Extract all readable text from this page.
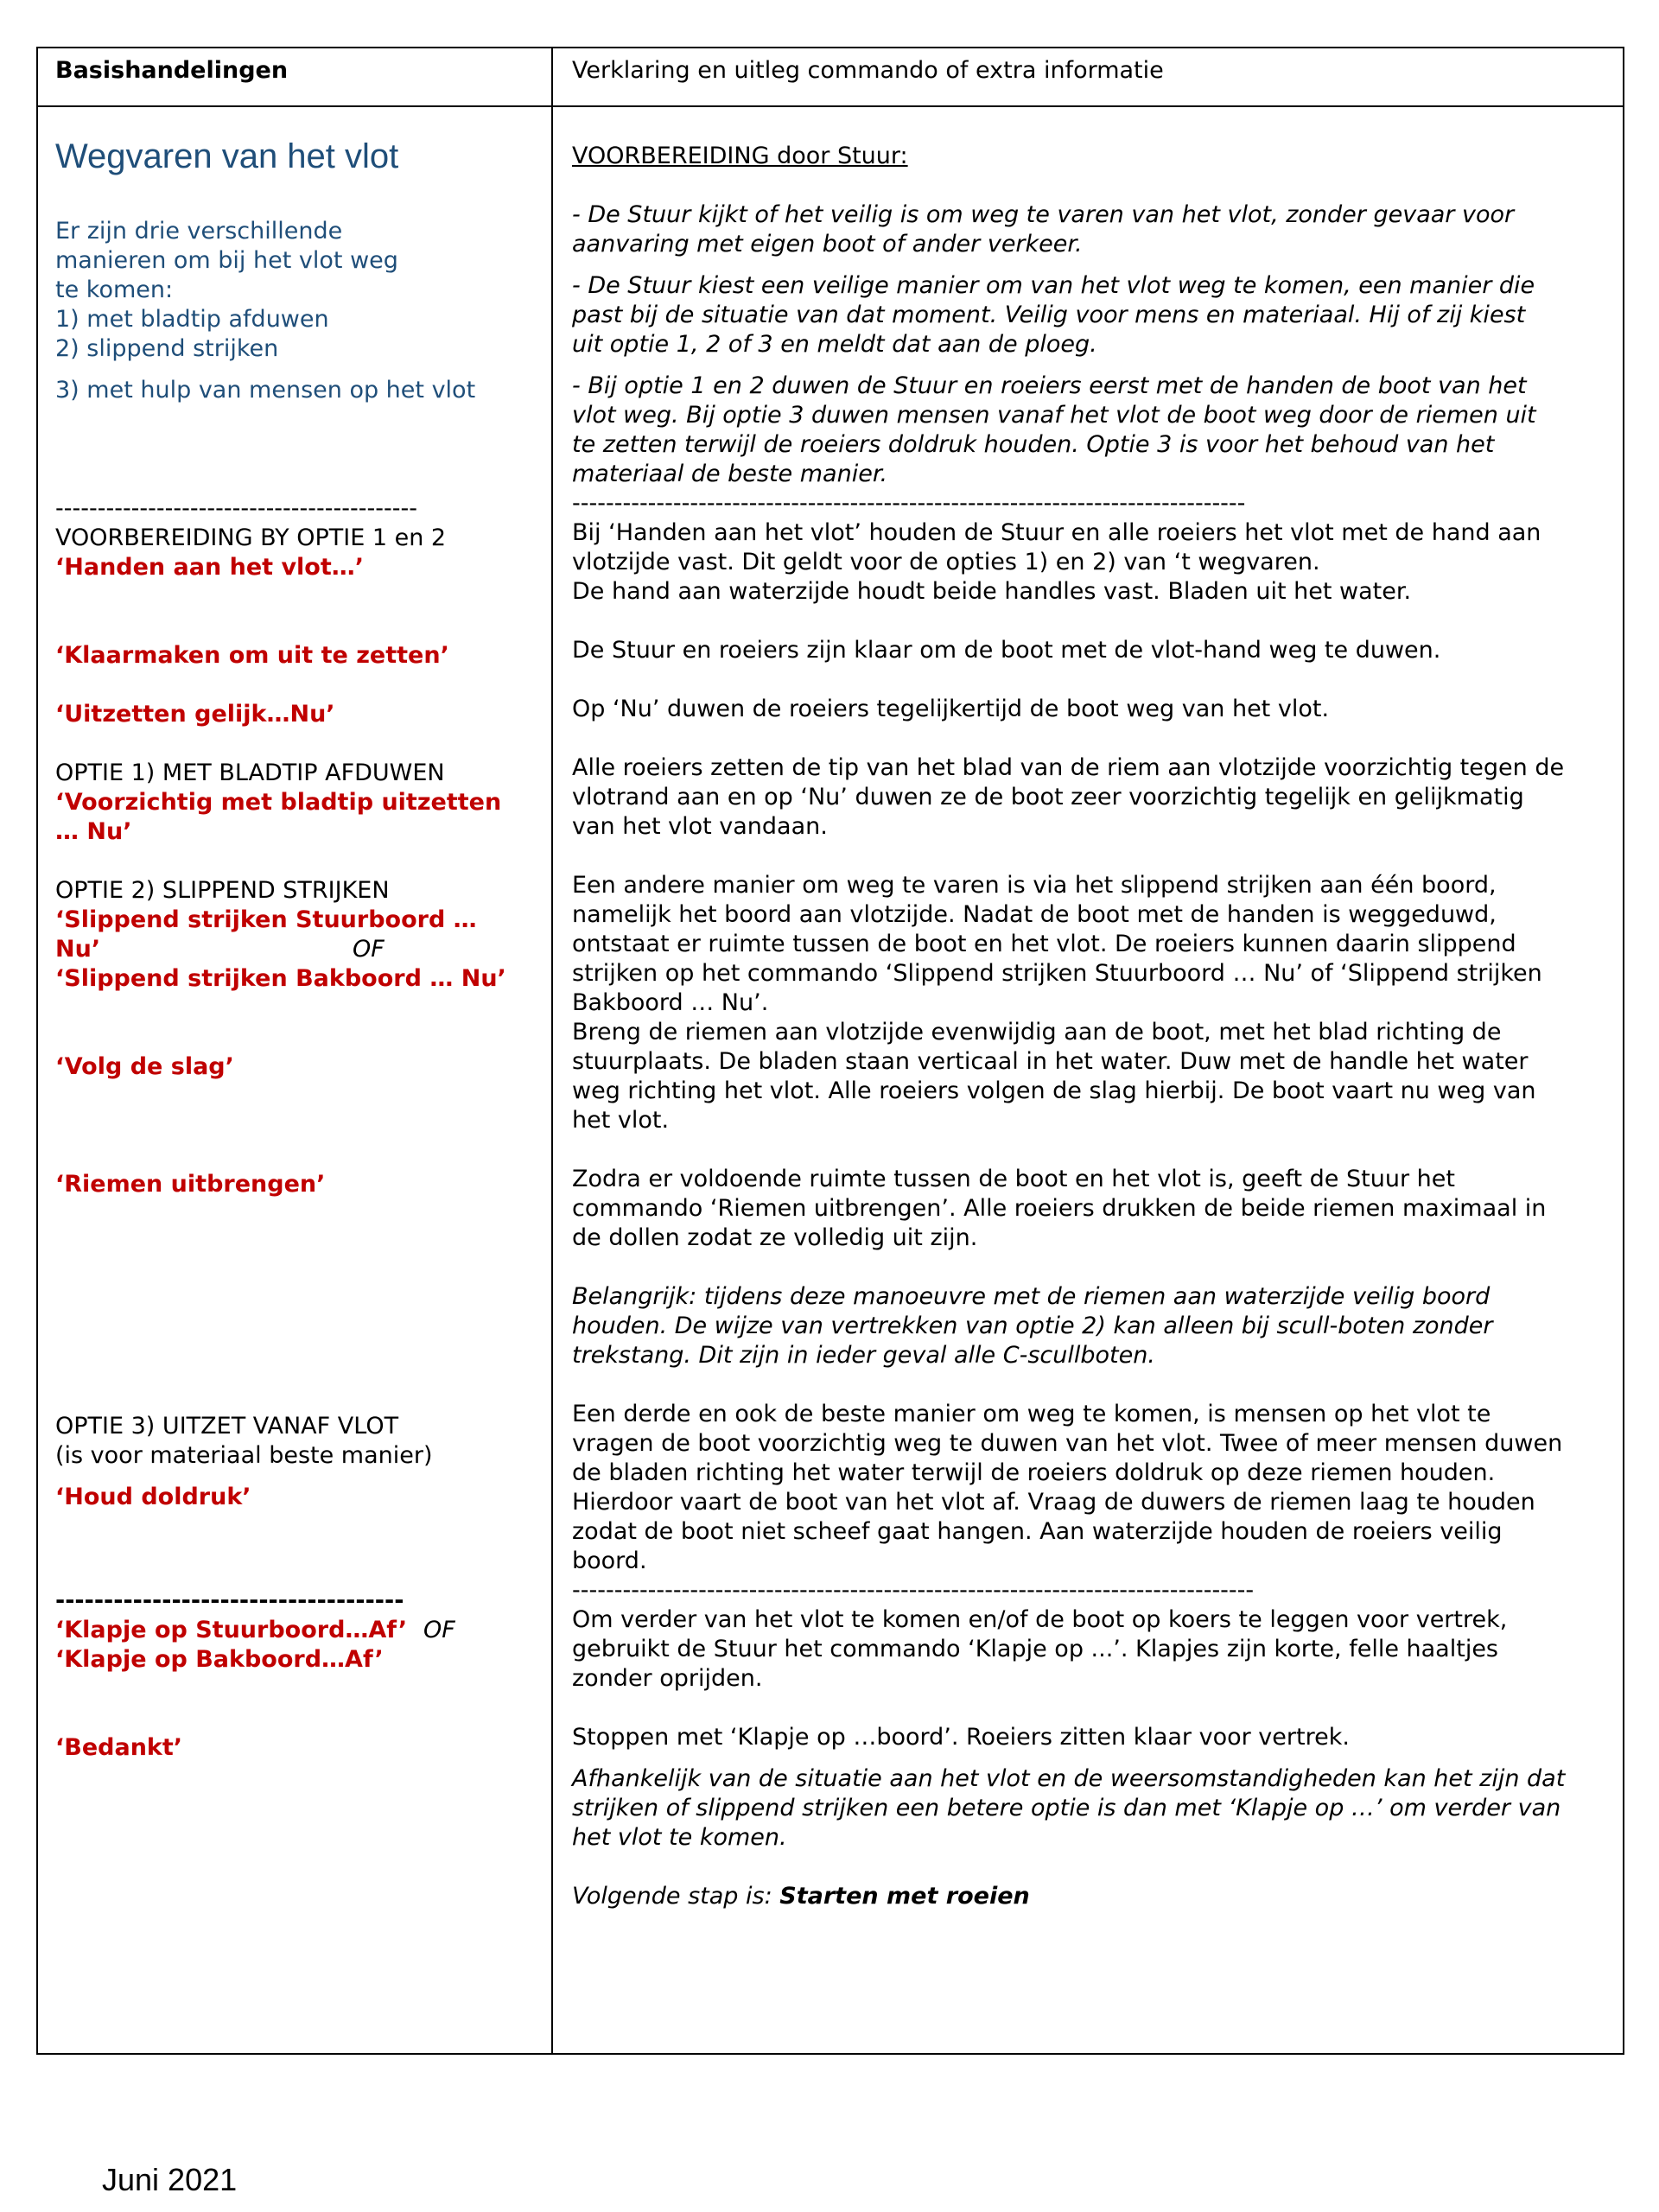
Basishandelingen	Verklaring en uitleg commando of extra informatie
Wegvaren van het vlot
Er zijn drie verschillende
manieren om bij het vlot weg
te komen:
1) met bladtip afduwen
2) slippend strijken
3) met hulp van mensen op het vlot
-------------------------------------------
VOORBEREIDING BY OPTIE 1 en 2
‘Handen aan het vlot…’
‘Klaarmaken om uit te zetten’
‘Uitzetten gelijk…Nu’
OPTIE 1) MET BLADTIP AFDUWEN
‘Voorzichtig met bladtip uitzetten
… Nu’
OPTIE 2) SLIPPEND STRIJKEN
‘Slippend strijken Stuurboord …
Nu’	OF
‘Slippend strijken Bakboord … Nu’
‘Volg de slag’
‘Riemen uitbrengen’
OPTIE 3) UITZET VANAF VLOT
(is voor materiaal beste manier)
‘Houd doldruk’
------------------------------------
‘Klapje op Stuurboord…Af’ OF
‘Klapje op Bakboord…Af’
‘Bedankt’
VOORBEREIDING door Stuur:
- De Stuur kijkt of het veilig is om weg te varen van het vlot, zonder gevaar voor
aanvaring met eigen boot of ander verkeer.
- De Stuur kiest een veilige manier om van het vlot weg te komen, een manier die
past bij de situatie van dat moment. Veilig voor mens en materiaal. Hij of zij kiest
uit optie 1, 2 of 3 en meldt dat aan de ploeg.
- Bij optie 1 en 2 duwen de Stuur en roeiers eerst met de handen de boot van het
vlot weg. Bij optie 3 duwen mensen vanaf het vlot de boot weg door de riemen uit
te zetten terwijl de roeiers doldruk houden. Optie 3 is voor het behoud van het
materiaal de beste manier.
--------------------------------------------------------------------------------
Bij ‘Handen aan het vlot’ houden de Stuur en alle roeiers het vlot met de hand aan
vlotzijde vast. Dit geldt voor de opties 1) en 2) van ‘t wegvaren.
De hand aan waterzijde houdt beide handles vast. Bladen uit het water.
De Stuur en roeiers zijn klaar om de boot met de vlot-hand weg te duwen.
Op ‘Nu’ duwen de roeiers tegelijkertijd de boot weg van het vlot.
Alle roeiers zetten de tip van het blad van de riem aan vlotzijde voorzichtig tegen de
vlotrand aan en op ‘Nu’ duwen ze de boot zeer voorzichtig tegelijk en gelijkmatig
van het vlot vandaan.
Een andere manier om weg te varen is via het slippend strijken aan één boord,
namelijk het boord aan vlotzijde. Nadat de boot met de handen is weggeduwd,
ontstaat er ruimte tussen de boot en het vlot. De roeiers kunnen daarin slippend
strijken op het commando ‘Slippend strijken Stuurboord … Nu’ of ‘Slippend strijken
Bakboord … Nu’.
Breng de riemen aan vlotzijde evenwijdig aan de boot, met het blad richting de
stuurplaats. De bladen staan verticaal in het water. Duw met de handle het water
weg richting het vlot. Alle roeiers volgen de slag hierbij. De boot vaart nu weg van
het vlot.
Zodra er voldoende ruimte tussen de boot en het vlot is, geeft de Stuur het
commando ‘Riemen uitbrengen’. Alle roeiers drukken de beide riemen maximaal in
de dollen zodat ze volledig uit zijn.
Belangrijk: tijdens deze manoeuvre met de riemen aan waterzijde veilig boord
houden. De wijze van vertrekken van optie 2) kan alleen bij scull-boten zonder
trekstang. Dit zijn in ieder geval alle C-scullboten.
Een derde en ook de beste manier om weg te komen, is mensen op het vlot te
vragen de boot voorzichtig weg te duwen van het vlot. Twee of meer mensen duwen
de bladen richting het water terwijl de roeiers doldruk op deze riemen houden.
Hierdoor vaart de boot van het vlot af. Vraag de duwers de riemen laag te houden
zodat de boot niet scheef gaat hangen. Aan waterzijde houden de roeiers veilig
boord.
---------------------------------------------------------------------------------
Om verder van het vlot te komen en/of de boot op koers te leggen voor vertrek,
gebruikt de Stuur het commando ‘Klapje op ...’. Klapjes zijn korte, felle haaltjes
zonder oprijden.
Stoppen met ‘Klapje op …boord’. Roeiers zitten klaar voor vertrek.
Afhankelijk van de situatie aan het vlot en de weersomstandigheden kan het zijn dat
strijken of slippend strijken een betere optie is dan met ‘Klapje op …’ om verder van
het vlot te komen.
Volgende stap is: Starten met roeien
Juni 2021
